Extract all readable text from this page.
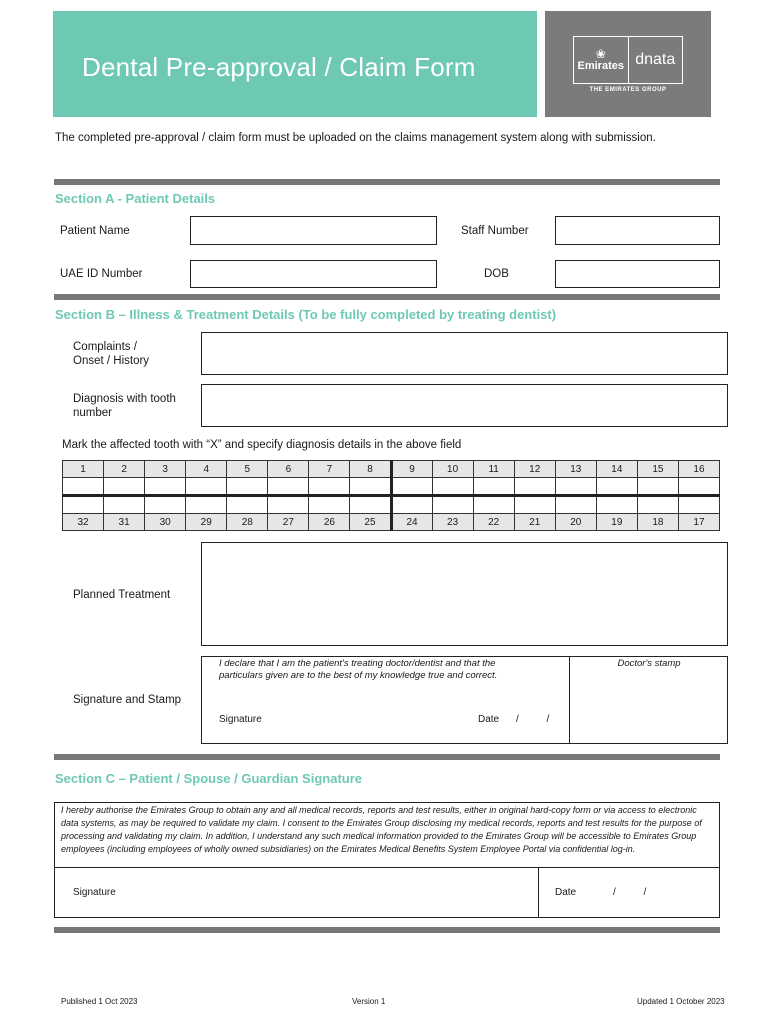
Dental Pre-approval / Claim Form	❀
Emirates dnata
THE EMIRATES GROUP
The completed pre-approval / claim form must be uploaded on the claims management system along with submission.
Section A - Patient Details
Patient Name	Staff Number
UAE ID Number	DOB
Section B – Illness & Treatment Details (To be fully completed by treating dentist)
Complaints /
Onset / History
Diagnosis with tooth
number
Mark the affected tooth with “X” and specify diagnosis details in the above field
1	2	3	4	5	6	7	8	9	10	11	12	13	14	15	16

32	31	30	29	28	27	26	25	24	23	22	21	20	19	18	17
Planned Treatment
Signature and Stamp
I declare that I am the patient's treating doctor/dentist and that the
particulars given are to the best of my knowledge true and correct.
Signature	Date /          /
Doctor's stamp
Section C – Patient / Spouse / Guardian Signature
I hereby authorise the Emirates Group to obtain any and all medical records, reports and test results, either in original hard-copy form or via access to electronic data systems, as may be required to validate my claim. I consent to the Emirates Group disclosing my medical records, reports and test results for the purpose of processing and validating my claim. In addition, I understand any such medical information provided to the Emirates Group will be accessible to Emirates Group employees (including employees of wholly owned subsidiaries) on the Emirates Medical Benefits System Employee Portal via confidential log-in.
Signature	Date	/          /
Published 1 Oct 2023	Version 1	Updated 1 October 2023
